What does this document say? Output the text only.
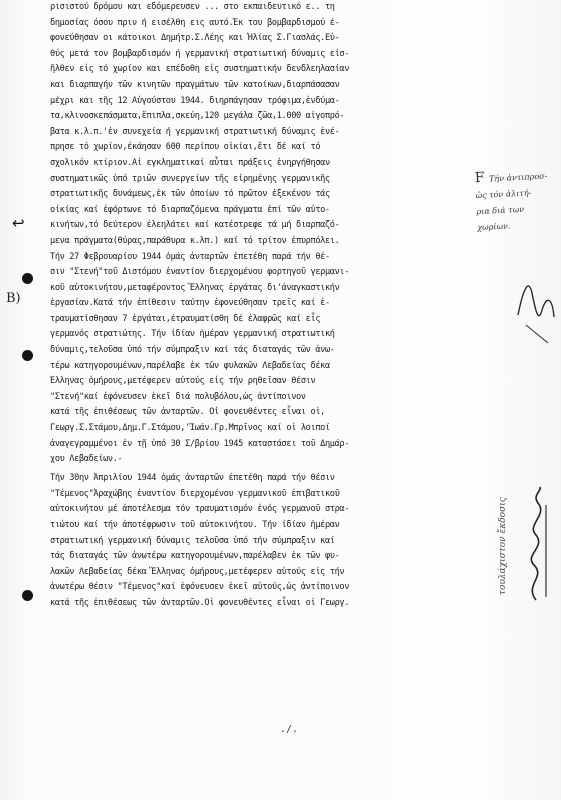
ρισιστού δρόμου και εδόμερευσεν ... στο εκπαιδευτικό ε.. τη
δημοσίας όσου πριν ή εισέλθη εις αυτό.Ἐκ του βομβαρδισμού έ-
φονεύθησαν οι κάτοικοι Δημήτρ.Σ.Λέης και Ἡλίας Σ.Γιασλάς.Εὐ-
θύς μετά τον βομβαρδισμόν ή γερμανική στρατιωτική δύναμις εἰσ-
ῆλθεν εἰς τό χωρίον και επέδοθη εἰς συστηματικήν δενδλεηλασίαν
και διαρπαγήν τῶν κινητῶν πραγμάτων τῶν κατοίκων,διαρπάσασαν
μέχρι και τῆς 12 Αὐγούστου 1944. διηρπάγησαν τρόφιμα,ἐνδύμα-
τα,κλινοσκεπάσματα,ἔπιπλα,σκεύη,120 μεγάλα ζῶα,1.000 αἰγοπρό-
βατα κ.λ.π.'ἐν συνεχεία ή γερμανική στρατιωτική δύναμις ἐνέ-
πρησε τό χωρίον,έκάησαν 600 περίπου οἰκίαι,ἔτι δέ καί τό
σχολικόν κτίριον.Αἱ εγκληματικαί αὗται πράξεις ἐνηργήθησαν
συστηματικῶς ὑπό τριῶν συνεργείων τῆς εἰρημένης γερμανικῆς
στρατιωτικῆς δυνάμεως,ἐκ τῶν ὁποίων τό πρῶτον ἐξεκένου τάς
οἰκίας καί ἐφόρτωνε τό διαρπαζόμενα πράγματα ἐπί τῶν αὐτο-
κινήτων,τό δεύτερον ἐλεηλάτει καί κατέστρεφε τά μή διαρπαζό-
μενα πράγματα(θύρας,παράθυρα κ.λπ.) καί τό τρίτον ἐπυρπόλει.
Τήν 27 Φεβρουαρίου 1944 ὁμάς ἀνταρτῶν ἐπετέθη παρά τήν θέ-
σιν "Στενή"τοῦ Διστόμου ἐναντίον διερχομένου φορτηγοῦ γερμανι-
κοῦ αὐτοκινήτου,μεταφέροντος Ἕλληνας ἐργάτας δι'ἀναγκαστικήν
ἐργασίαν.Κατά τήν ἐπίθεσιν ταύτην ἐφονεύθησαν τρεῖς καί ἐ-
τραυματίσθησαν 7 ἐργάται,ἐτραυματίσθη δέ ἐλαφρῶς καί εἷς
γερμανός στρατιώτης. Τήν ἰδίαν ἡμέραν γερμανική στρατιωτική
δύναμις,τελοῦσα ὑπό τήν σύμπραξιν καί τάς διαταγάς τῶν ἀνω-
τέρω κατηγορουμένων,παρέλαβε ἐκ τῶν φυλακῶν Λεβαδείας δέκα
Ἕλληνας ὁμήρους,μετέφερεν αὐτούς εἰς τήν ρηθεῖσαν θέσιν
"Στενή"καί ἐφόνευσεν ἐκεῖ διά πολυβόλου,ὡς ἀντίποινον
κατά τῆς ἐπιθέσεως τῶν ἀνταρτῶν. Οἱ φονευθέντες εἶναι οἱ,
Γεωργ.Σ.Στάμου,Δημ.Γ.Στάμου,'Ἰωάν.Γρ.Μπρῖνος καί οἱ λοιποί
ἀναγεγραμμένοι ἐν τῇ ὑπό 30 Σ/βρίου 1945 καταστάσει τοῦ Δημάρ-
χου Λεβαδείων.-
Τήν 30ην Ἀπριλίου 1944 ὁμάς ἀνταρτῶν ἐπετέθη παρά τήν θέσιν
"Τέμενος"Ἀραχώβης ἐναντίον διερχομένου γερμανικοῦ ἐπιβατικοῦ
αὐτοκινήτου μέ ἀποτέλεσμα τόν τραυματισμόν ἑνός γερμανοῦ στρα-
τιώτου καί τήν ἀποτέφρωσιν τοῦ αὐτοκινήτου. Τήν ἰδίαν ἡμέραν
στρατιωτική γερμανική δύναμις τελοῦσα ὑπό τήν σύμπραξιν καί
τάς διαταγάς τῶν ἀνωτέρω κατηγορουμένων,παρέλαβεν ἐκ τῶν φυ-
λακῶν Λεβαδείας δέκα Ἕλληνας ὁμήρους,μετέφερεν αὐτούς εἰς τήν
ἀνωτέρω θέσιν "Τέμενος"καί ἐφόνευσεν ἐκεῖ αὐτούς,ὡς ἀντίποινον
κατά τῆς ἐπιθέσεως τῶν ἀνταρτῶν.Οἱ φονευθέντες εἶναι οἱ Γεωργ.
↩
B)
F Τήν ἀντιπροσ-
ὡς τόν ἀλιτή-
ρια διά των
χωρίων.
τουλάχιστον ἔκδοσις
./.
